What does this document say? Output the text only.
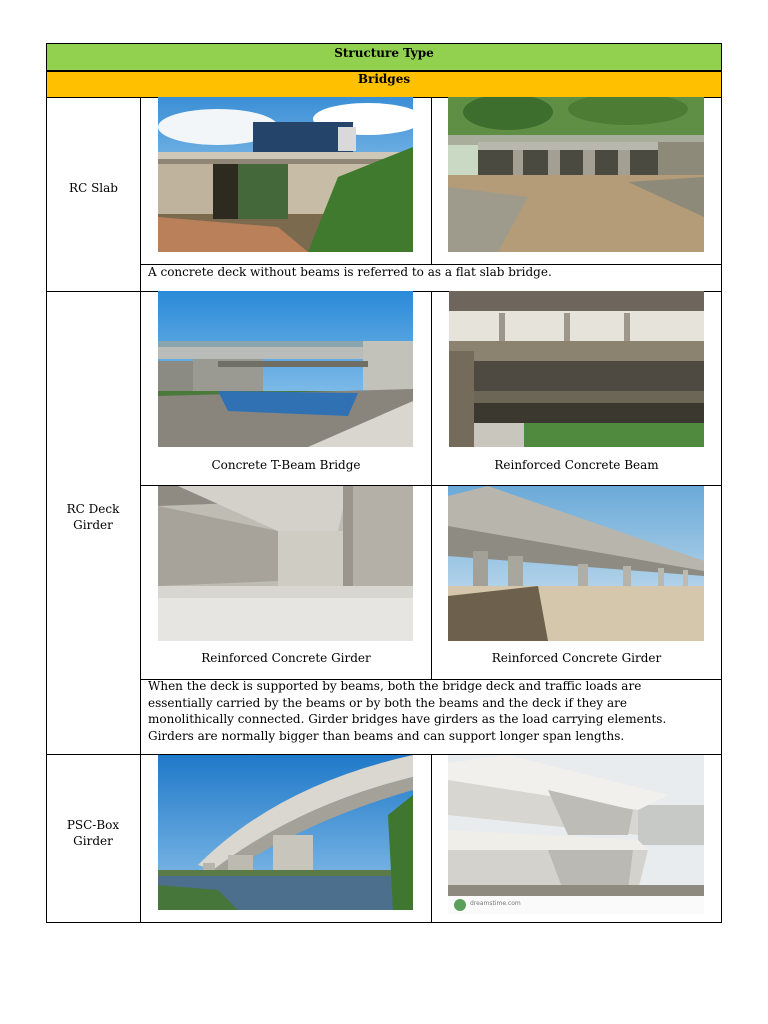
Structure Type
Bridges
RC Slab
RC Deck Girder
PSC-Box Girder
A concrete deck without beams is referred to as a flat slab bridge.
Concrete T-Beam Bridge	Reinforced Concrete Beam
Reinforced Concrete Girder	Reinforced Concrete Girder
When the deck is supported by beams, both the bridge deck and traffic loads are
essentially carried by the beams or by both the beams and the deck if they are
monolithically connected. Girder bridges have girders as the load carrying elements.
Girders are normally bigger than beams and can support longer span lengths.
dreamstime.com
